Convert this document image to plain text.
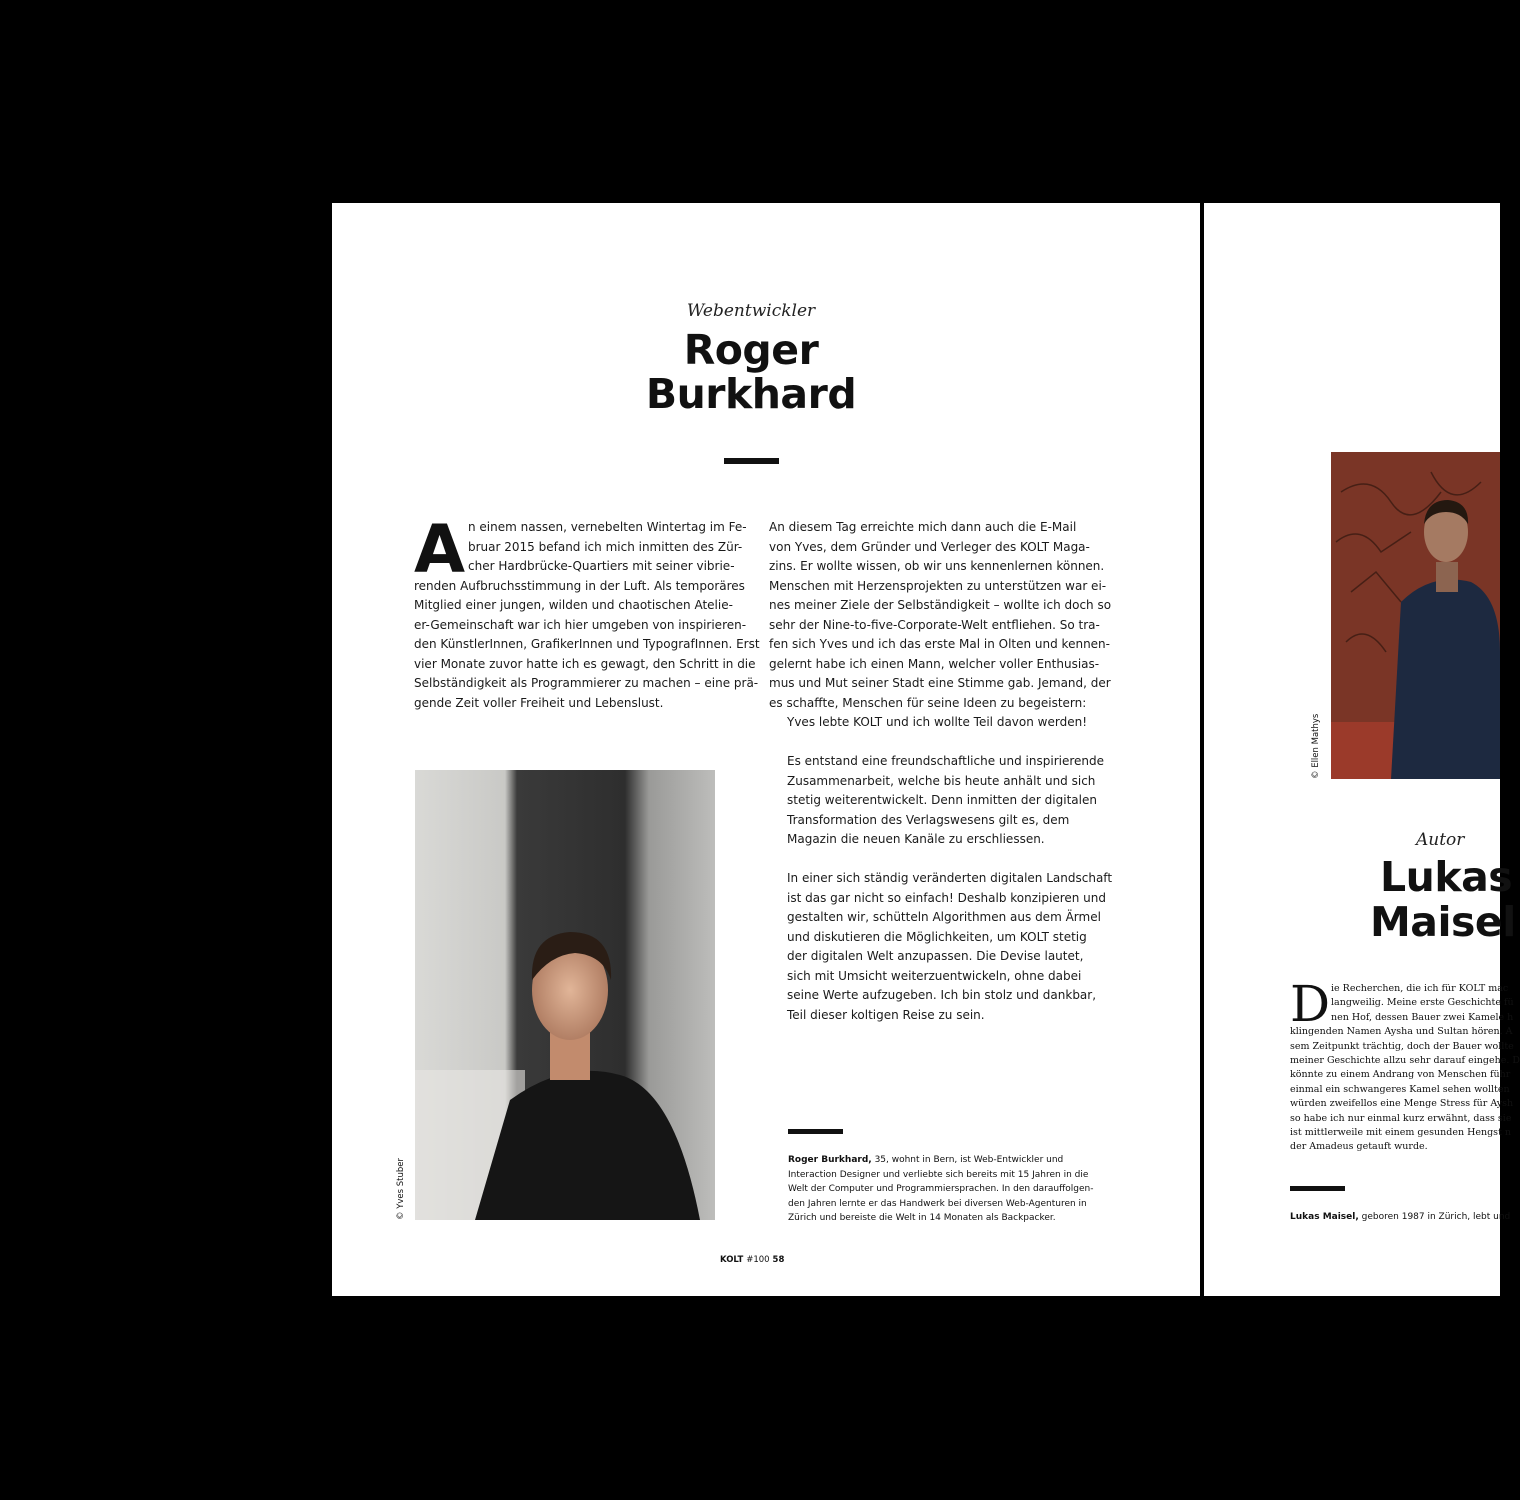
Webentwickler
Roger
Burkhard
A n einem nassen, vernebelten Wintertag im Fe-
bruar 2015 befand ich mich inmitten des Zür-
cher Hardbrücke-Quartiers mit seiner vibrie-
renden Aufbruchsstimmung in der Luft. Als temporäres
Mitglied einer jungen, wilden und chaotischen Atelie-
er-Gemeinschaft war ich hier umgeben von inspirieren-
den KünstlerInnen, GrafikerInnen und TypografInnen. Erst
vier Monate zuvor hatte ich es gewagt, den Schritt in die
Selbständigkeit als Programmierer zu machen – eine prä-
gende Zeit voller Freiheit und Lebenslust.
An diesem Tag erreichte mich dann auch die E-Mail
von Yves, dem Gründer und Verleger des KOLT Maga-
zins. Er wollte wissen, ob wir uns kennenlernen können.
Menschen mit Herzensprojekten zu unterstützen war ei-
nes meiner Ziele der Selbständigkeit – wollte ich doch so
sehr der Nine-to-five-Corporate-Welt entfliehen. So tra-
fen sich Yves und ich das erste Mal in Olten und kennen-
gelernt habe ich einen Mann, welcher voller Enthusias-
mus und Mut seiner Stadt eine Stimme gab. Jemand, der
es schaffte, Menschen für seine Ideen zu begeistern:
Yves lebte KOLT und ich wollte Teil davon werden!
Es entstand eine freundschaftliche und inspirierende
Zusammenarbeit, welche bis heute anhält und sich
stetig weiterentwickelt. Denn inmitten der digitalen
Transformation des Verlagswesens gilt es, dem
Magazin die neuen Kanäle zu erschliessen.
In einer sich ständig veränderten digitalen Landschaft
ist das gar nicht so einfach! Deshalb konzipieren und
gestalten wir, schütteln Algorithmen aus dem Ärmel
und diskutieren die Möglichkeiten, um KOLT stetig
der digitalen Welt anzupassen. Die Devise lautet,
sich mit Umsicht weiterzuentwickeln, ohne dabei
seine Werte aufzugeben. Ich bin stolz und dankbar,
Teil dieser koltigen Reise zu sein.
© Yves Stuber	Roger Burkhard, 35, wohnt in Bern, ist Web-Entwickler und
Interaction Designer und verliebte sich bereits mit 15 Jahren in die
Welt der Computer und Programmiersprachen. In den darauffolgen-
den Jahren lernte er das Handwerk bei diversen Web-Agenturen in
Zürich und bereiste die Welt in 14 Monaten als Backpacker.
KOLT #100 58
© Ellen Mathys
Autor
Lukas
Maisel
D ie Recherchen, die ich für KOLT mac
langweilig. Meine erste Geschichte fü
nen Hof, dessen Bauer zwei Kamele h
klingenden Namen Aysha und Sultan hören. A
sem Zeitpunkt trächtig, doch der Bauer wollte
meiner Geschichte allzu sehr darauf eingehe. D
könnte zu einem Andrang von Menschen führ
einmal ein schwangeres Kamel sehen wollten
würden zweifellos eine Menge Stress für Aysh
so habe ich nur einmal kurz erwähnt, dass sie
ist mittlerweile mit einem gesunden Hengst n
der Amadeus getauft wurde.
Lukas Maisel, geboren 1987 in Zürich, lebt und
